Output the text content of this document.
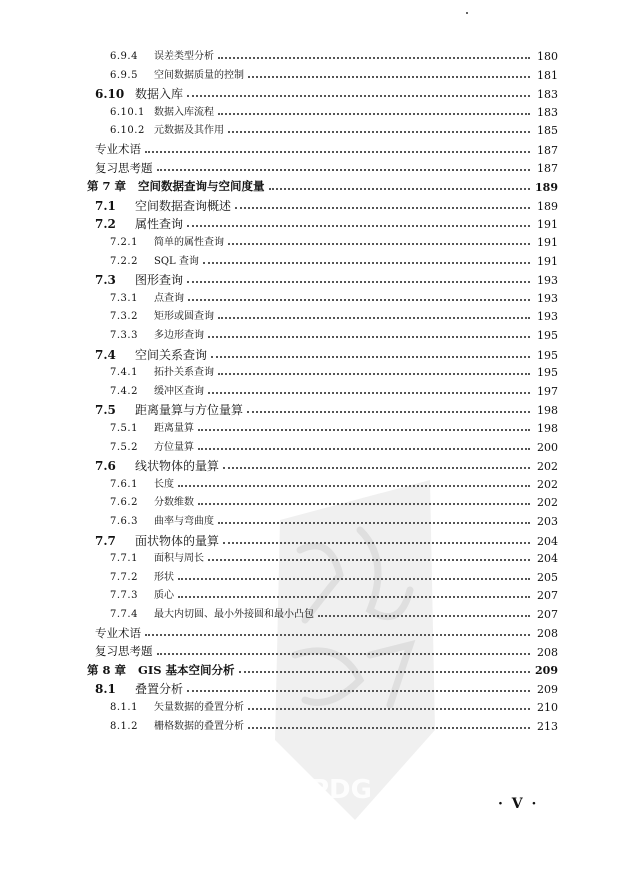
PDG
6.9.4	误差类型分析	180
6.9.5	空间数据质量的控制	181
6.10 数据入库	183
6.10.1 数据入库流程	183
6.10.2 元数据及其作用	185
专业术语	187
复习思考题	187
第 7 章 空间数据查询与空间度量	189
7.1	空间数据查询概述	189
7.2	属性查询	191
7.2.1	简单的属性查询	191
7.2.2	SQL 查询	191
7.3	图形查询	193
7.3.1	点查询	193
7.3.2	矩形或圆查询	193
7.3.3	多边形查询	195
7.4	空间关系查询	195
7.4.1	拓扑关系查询	195
7.4.2	缓冲区查询	197
7.5	距离量算与方位量算	198
7.5.1	距离量算	198
7.5.2	方位量算	200
7.6	线状物体的量算	202
7.6.1	长度	202
7.6.2	分数维数	202
7.6.3	曲率与弯曲度	203
7.7	面状物体的量算	204
7.7.1	面积与周长	204
7.7.2	形状	205
7.7.3	质心	207
7.7.4	最大内切圆、最小外接圆和最小凸包	207
专业术语	208
复习思考题	208
第 8 章 GIS 基本空间分析	209
8.1	叠置分析	209
8.1.1	矢量数据的叠置分析	210
8.1.2	栅格数据的叠置分析	213
· V ·
